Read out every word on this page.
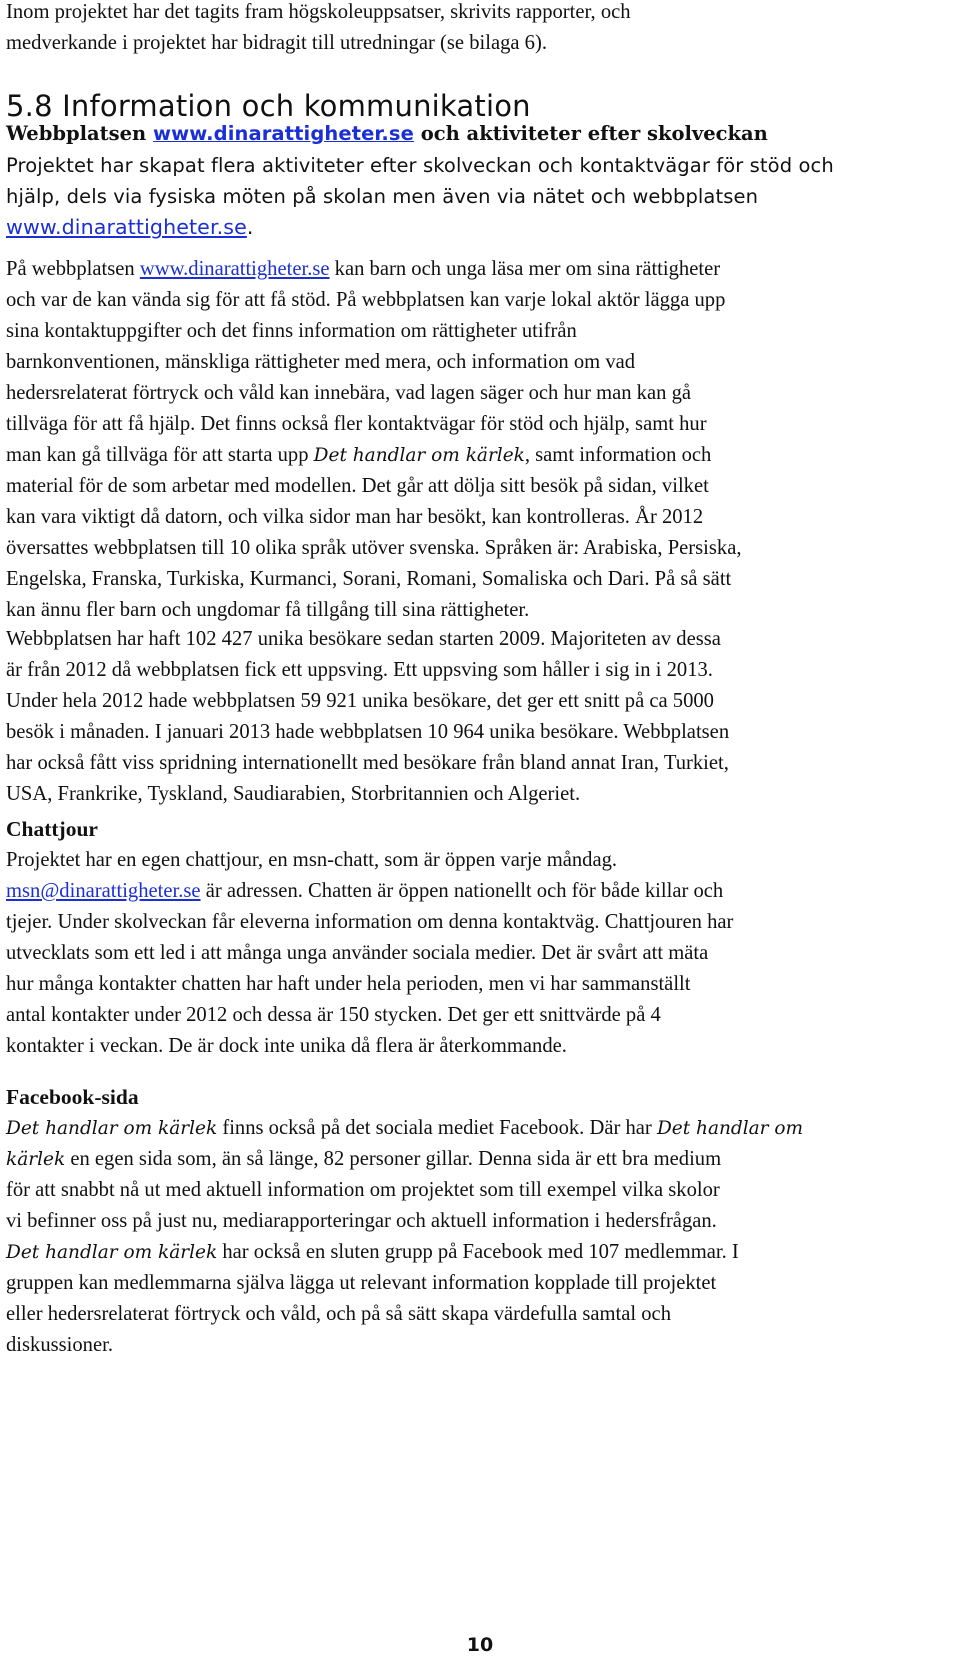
Inom projektet har det tagits fram högskoleuppsatser, skrivits rapporter, och

medverkande i projektet har bidragit till utredningar (se bilaga 6).

5.8 Information och kommunikation

Webbplatsen www.dinarattigheter.se och aktiviteter efter skolveckan

Projektet har skapat flera aktiviteter efter skolveckan och kontaktvägar för stöd och

hjälp, dels via fysiska möten på skolan men även via nätet och webbplatsen

www.dinarattigheter.se.

På webbplatsen www.dinarattigheter.se kan barn och unga läsa mer om sina rättigheter

och var de kan vända sig för att få stöd. På webbplatsen kan varje lokal aktör lägga upp

sina kontaktuppgifter och det finns information om rättigheter utifrån

barnkonventionen, mänskliga rättigheter med mera, och information om vad

hedersrelaterat förtryck och våld kan innebära, vad lagen säger och hur man kan gå

tillväga för att få hjälp. Det finns också fler kontaktvägar för stöd och hjälp, samt hur

man kan gå tillväga för att starta upp Det handlar om kärlek, samt information och

material för de som arbetar med modellen. Det går att dölja sitt besök på sidan, vilket

kan vara viktigt då datorn, och vilka sidor man har besökt, kan kontrolleras. År 2012

översattes webbplatsen till 10 olika språk utöver svenska. Språken är: Arabiska, Persiska,

Engelska, Franska, Turkiska, Kurmanci, Sorani, Romani, Somaliska och Dari. På så sätt

kan ännu fler barn och ungdomar få tillgång till sina rättigheter.

Webbplatsen har haft 102 427 unika besökare sedan starten 2009. Majoriteten av dessa

är från 2012 då webbplatsen fick ett uppsving. Ett uppsving som håller i sig in i 2013.

Under hela 2012 hade webbplatsen 59 921 unika besökare, det ger ett snitt på ca 5000

besök i månaden. I januari 2013 hade webbplatsen 10 964 unika besökare. Webbplatsen

har också fått viss spridning internationellt med besökare från bland annat Iran, Turkiet,

USA, Frankrike, Tyskland, Saudiarabien, Storbritannien och Algeriet.

Chattjour

Projektet har en egen chattjour, en msn-chatt, som är öppen varje måndag.

msn@dinarattigheter.se är adressen. Chatten är öppen nationellt och för både killar och

tjejer. Under skolveckan får eleverna information om denna kontaktväg. Chattjouren har

utvecklats som ett led i att många unga använder sociala medier. Det är svårt att mäta

hur många kontakter chatten har haft under hela perioden, men vi har sammanställt

antal kontakter under 2012 och dessa är 150 stycken. Det ger ett snittvärde på 4

kontakter i veckan. De är dock inte unika då flera är återkommande.

Facebook-sida

Det handlar om kärlek finns också på det sociala mediet Facebook. Där har Det handlar om

kärlek en egen sida som, än så länge, 82 personer gillar. Denna sida är ett bra medium

för att snabbt nå ut med aktuell information om projektet som till exempel vilka skolor

vi befinner oss på just nu, mediarapporteringar och aktuell information i hedersfrågan.

Det handlar om kärlek har också en sluten grupp på Facebook med 107 medlemmar. I

gruppen kan medlemmarna själva lägga ut relevant information kopplade till projektet

eller hedersrelaterat förtryck och våld, och på så sätt skapa värdefulla samtal och

diskussioner.

10
